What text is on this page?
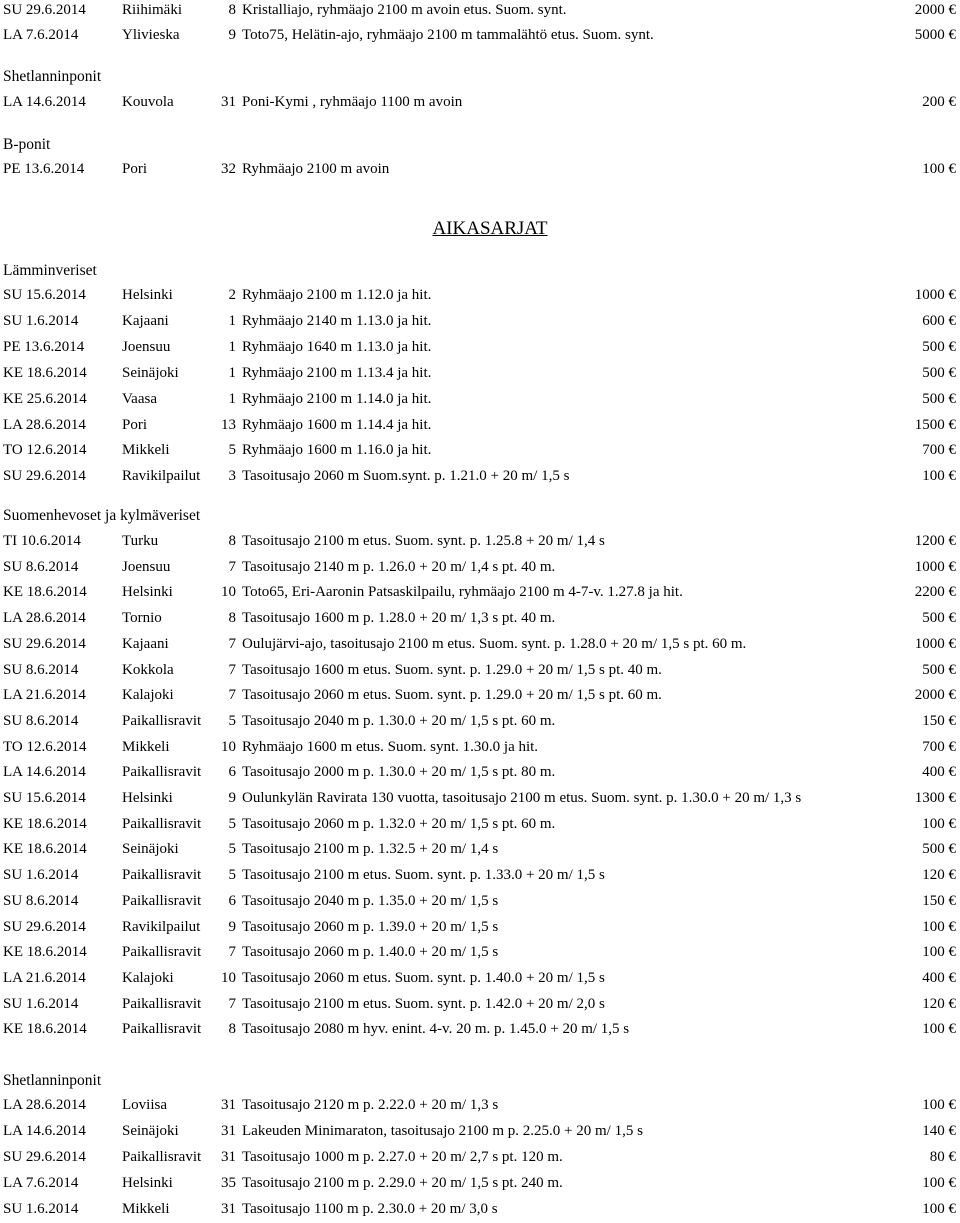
SU 29.6.2014 Riihimäki	8 Kristalliajo, ryhmäajo 2100 m avoin etus. Suom. synt.	2000 €
LA 7.6.2014	Ylivieska	9 Toto75, Helätin-ajo, ryhmäajo 2100 m tammalähtö etus. Suom. synt.	5000 €
Shetlanninponit
LA 14.6.2014 Kouvola	31 Poni-Kymi , ryhmäajo 1100 m avoin	200 €
B-ponit
PE 13.6.2014	Pori	32 Ryhmäajo 2100 m avoin	100 €
AIKASARJAT
Lämminveriset
SU 15.6.2014 Helsinki	2 Ryhmäajo 2100 m 1.12.0 ja hit.	1000 €
SU 1.6.2014	Kajaani	1 Ryhmäajo 2140 m 1.13.0 ja hit.	600 €
PE 13.6.2014	Joensuu	1 Ryhmäajo 1640 m 1.13.0 ja hit.	500 €
KE 18.6.2014 Seinäjoki	1 Ryhmäajo 2100 m 1.13.4 ja hit.	500 €
KE 25.6.2014 Vaasa	1 Ryhmäajo 2100 m 1.14.0 ja hit.	500 €
LA 28.6.2014 Pori	13 Ryhmäajo 1600 m 1.14.4 ja hit.	1500 €
TO 12.6.2014 Mikkeli	5 Ryhmäajo 1600 m 1.16.0 ja hit.	700 €
SU 29.6.2014 Ravikilpailut	3 Tasoitusajo 2060 m Suom.synt. p. 1.21.0 + 20 m/ 1,5 s	100 €
Suomenhevoset ja kylmäveriset
TI 10.6.2014	Turku	8 Tasoitusajo 2100 m etus. Suom. synt. p. 1.25.8 + 20 m/ 1,4 s	1200 €
SU 8.6.2014	Joensuu	7 Tasoitusajo 2140 m p. 1.26.0 + 20 m/ 1,4 s pt. 40 m.	1000 €
KE 18.6.2014 Helsinki	10 Toto65, Eri-Aaronin Patsaskilpailu, ryhmäajo 2100 m 4-7-v. 1.27.8 ja hit.	2200 €
LA 28.6.2014 Tornio	8 Tasoitusajo 1600 m p. 1.28.0 + 20 m/ 1,3 s pt. 40 m.	500 €
SU 29.6.2014 Kajaani	7 Oulujärvi-ajo, tasoitusajo 2100 m etus. Suom. synt. p. 1.28.0 + 20 m/ 1,5 s pt. 60 m.	1000 €
SU 8.6.2014	Kokkola	7 Tasoitusajo 1600 m etus. Suom. synt. p. 1.29.0 + 20 m/ 1,5 s pt. 40 m.	500 €
LA 21.6.2014 Kalajoki	7 Tasoitusajo 2060 m etus. Suom. synt. p. 1.29.0 + 20 m/ 1,5 s pt. 60 m.	2000 €
SU 8.6.2014	Paikallisravit	5 Tasoitusajo 2040 m p. 1.30.0 + 20 m/ 1,5 s pt. 60 m.	150 €
TO 12.6.2014 Mikkeli	10 Ryhmäajo 1600 m etus. Suom. synt. 1.30.0 ja hit.	700 €
LA 14.6.2014 Paikallisravit	6 Tasoitusajo 2000 m p. 1.30.0 + 20 m/ 1,5 s pt. 80 m.	400 €
SU 15.6.2014 Helsinki	9 Oulunkylän Ravirata 130 vuotta, tasoitusajo 2100 m etus. Suom. synt. p. 1.30.0 + 20 m/ 1,3 s	1300 €
KE 18.6.2014 Paikallisravit	5 Tasoitusajo 2060 m p. 1.32.0 + 20 m/ 1,5 s pt. 60 m.	100 €
KE 18.6.2014 Seinäjoki	5 Tasoitusajo 2100 m p. 1.32.5 + 20 m/ 1,4 s	500 €
SU 1.6.2014	Paikallisravit	5 Tasoitusajo 2100 m etus. Suom. synt. p. 1.33.0 + 20 m/ 1,5 s	120 €
SU 8.6.2014	Paikallisravit	6 Tasoitusajo 2040 m p. 1.35.0 + 20 m/ 1,5 s	150 €
SU 29.6.2014 Ravikilpailut	9 Tasoitusajo 2060 m p. 1.39.0 + 20 m/ 1,5 s	100 €
KE 18.6.2014 Paikallisravit	7 Tasoitusajo 2060 m p. 1.40.0 + 20 m/ 1,5 s	100 €
LA 21.6.2014 Kalajoki	10 Tasoitusajo 2060 m etus. Suom. synt. p. 1.40.0 + 20 m/ 1,5 s	400 €
SU 1.6.2014	Paikallisravit	7 Tasoitusajo 2100 m etus. Suom. synt. p. 1.42.0 + 20 m/ 2,0 s	120 €
KE 18.6.2014 Paikallisravit	8 Tasoitusajo 2080 m hyv. enint. 4-v. 20 m. p. 1.45.0 + 20 m/ 1,5 s	100 €
Shetlanninponit
LA 28.6.2014 Loviisa	31 Tasoitusajo 2120 m p. 2.22.0 + 20 m/ 1,3 s	100 €
LA 14.6.2014 Seinäjoki	31 Lakeuden Minimaraton, tasoitusajo 2100 m p. 2.25.0 + 20 m/ 1,5 s	140 €
SU 29.6.2014 Paikallisravit	31 Tasoitusajo 1000 m p. 2.27.0 + 20 m/ 2,7 s pt. 120 m.	80 €
LA 7.6.2014	Helsinki	35 Tasoitusajo 2100 m p. 2.29.0 + 20 m/ 1,5 s pt. 240 m.	100 €
SU 1.6.2014	Mikkeli	31 Tasoitusajo 1100 m p. 2.30.0 + 20 m/ 3,0 s	100 €
